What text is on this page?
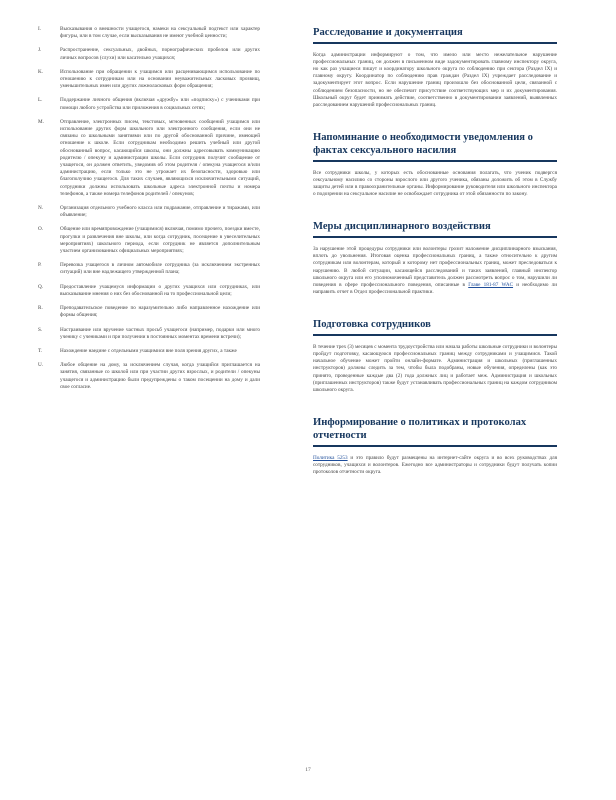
I.	Высказывания о внешности учащегося, намеки на сексуальный подтекст или характер фигуры, или в том случае, если высказывания не имеют учебной ценности;
J.	Распространение, сексуальных, двойных, порнографических пробелов или других личных вопросов (слухи) или касательно учащихся;
K.	Использование при обращении к учащимся или расценивающимся использование по отношению к сотрудникам или на основании неуважительных ласковых прозвищ, уменьшительных имен или других ложноласковых форм обращения;
L.	Поддержание личного общения (включая «дружбу» или «подписку») с учениками при помощи любого устройства или приложения в социальных сетях;
M.	Отправление, электронных писем, текстовых, мгновенных сообщений учащимся или использование других форм школьного или электронного сообщения, если они не связаны со школьными занятиями или по другой обоснованной причине, имеющей отношение к школе. Если сотрудникам необходимо решить учебный или другой обоснованный вопрос, касающийся школы, они должны адресовывать коммуникацию родителю / опекуну и администрации школы. Если сотрудник получит сообщение от учащегося, он должен ответить, уведомив об этом родителя / опекуна учащегося и/или администрацию, если только это не угрожает их безопасности, здоровью или благополучию учащегося. Для таких случаев, являющихся исключительными ситуаций, сотрудники должны использовать школьные адреса электронной почты и номера телефонов, а также номера телефонов родителей / опекунов;
N.	Организация отдельного учебного класса или подражание, отправление и тиражами, или объявление;
O.	Общение или времяпровождение (учащимися) включая, помимо прочего, поездки вместе, прогулки и развлечения вне школы, или когда сотрудник, посещение в увеселительных мероприятиях) школьного периода, если сотрудник не является дополнительным участием организованных официальных мероприятиях;
P.	Перевозка учащегося в личном автомобиле сотрудника (за исключением экстренных ситуаций) или вне надлежащего утвержденной плана;
Q.	Предоставление учащемуся информации о других учащихся или сотрудниках, или высказывание мнения о них без обоснованной на то профессиональной цели;
R.	Преподавательское поведение по наразумительно либо направленное нахождение или формы общения;
S.	Настраивание или вручение частных просьб учащегося (например, подарки или много ученику с учениками и при получении в постоянных моментах времени встречи);
T.	Нахождение наедине с отдельными учащимися вне поля зрения других, а также
U.	Любое общение на дому, за исключением случая, когда учащийся приглашается на занятия, связанные со школой или при участии других взрослых, и родители / опекуны учащегося и администрацию были предупреждены о таком посещении на дому и дали свое согласие.
Расследование и документация

Когда администрации информируют о том, что имело или место нежелательное нарушение профессиональных границ, он должен в письменном виде задокументировать главному инспектору округа, но как раз учащиеся пишут и координатору школьного округа по соблюдению при сектора (Раздел IX) и главному округу. Координатор по соблюдению прав граждан (Раздел IX) учреждает расследование и задокументирует этот вопрос. Если нарушение границ произошло без обоснованной цели, связанной с соблюдением безопасности, но не обеспечит присутствие соответствующих мер и их документирования. Школьный округ будет принимать действие, соответственно в документировании заявлений, выявленных расследованием нарушений профессиональных границ.

Напоминание о необходимости уведомления о фактах сексуального насилия

Все сотрудники школы, у которых есть обоснованные основания полагать, что ученик подвергся сексуальному насилию со стороны взрослого или другого ученика, обязаны доложить об этом в Службу защиты детей или в правоохранительные органы. Информирование руководителя или школьного инспектора о подозрении на сексуальное насилие не освобождает сотрудника от этой обязанности по закону.

Меры дисциплинарного воздействия

За нарушение этой процедуры сотрудники или волонтеры грозит наложение дисциплинарного взыскания, вплоть до увольнения. Итоговая оценка профессиональных границ, а также относительно к другим сотрудникам или волонтерам, который и которому нет профессиональных границ, может преследоваться к нарушению. В любой ситуации, касающейся расследований и таких заявлений, главный инспектор школьного округа или его уполномоченный представитель должен рассмотреть вопрос о том, нарушили ли поведения в сфере профессионального поведения, описанные в Главе 181-87 WAC и необходимо ли направить отчет в Отдел профессиональной практики.

Подготовка сотрудников

В течение трех (3) месяцев с момента трудоустройства или начала работы школьные сотрудники и волонтеры пройдут подготовку, касающуюся профессиональных границ между сотрудниками и учащимися. Такой начальное обучение может пройти онлайн-формате. Администрация и школьных (приглашенных инструкторов) должны следить за тем, чтобы была подобраны, новые обучения, определены (как это принято, проведенные каждые два (2) года должных лиц и работает меж. Администрация и школьных (приглашенных инструкторов) также будут устанавливать профессиональных границ на каждом сотрудником школьного округа.

Информирование о политиках и протоколах отчетности

Политика 5253 и это правило будут размещены на интернет-сайте округа и во всех руководствах для сотрудников, учащихся и волонтеров. Ежегодно все администраторы и сотрудники будут получать копии протоколов отчетности округа.

17
